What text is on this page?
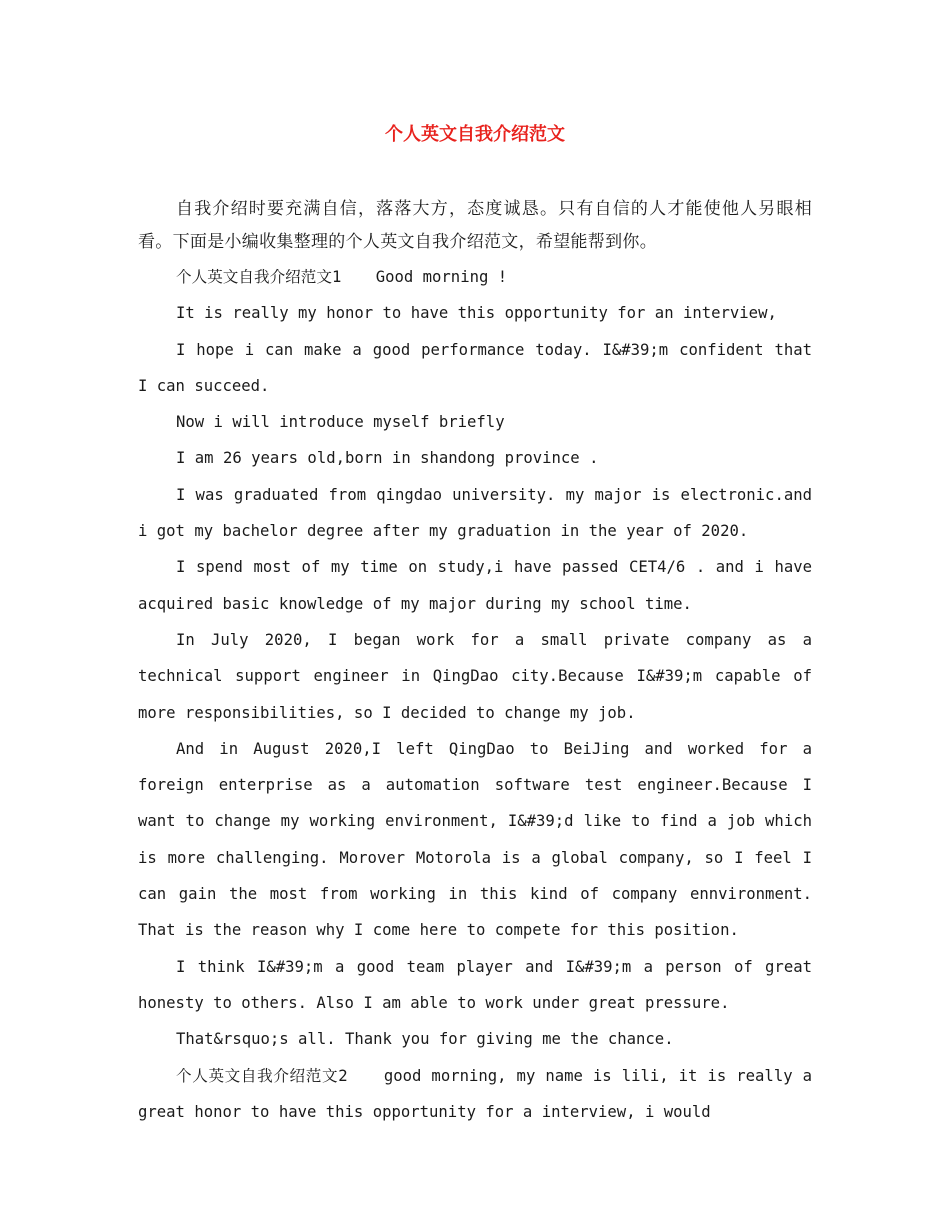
个人英文自我介绍范文

自我介绍时要充满自信，落落大方，态度诚恳。只有自信的人才能使他人另眼相看。下面是小编收集整理的个人英文自我介绍范文，希望能帮到你。

个人英文自我介绍范文1 　 Good morning !

It is really my honor to have this opportunity for an interview,

I hope i can make a good performance today. I&#39;m confident that I can succeed.

Now i will introduce myself briefly

I am 26 years old,born in shandong province .

I was graduated from qingdao university. my major is electronic.and i got my bachelor degree after my graduation in the year of 2020.

I spend most of my time on study,i have passed CET4/6 . and i have acquired basic knowledge of my major during my school time.

In July 2020, I began work for a small private company as a technical support engineer in QingDao city.Because I&#39;m capable of more responsibilities, so I decided to change my job.

And in August 2020,I left QingDao to BeiJing and worked for a foreign enterprise as a automation software test engineer.Because I want to change my working environment, I&#39;d like to find a job which is more challenging. Morover Motorola is a global company, so I feel I can gain the most from working in this kind of company ennvironment. That is the reason why I come here to compete for this position.

I think I&#39;m a good team player and I&#39;m a person of great honesty to others. Also I am able to work under great pressure.

That&rsquo;s all. Thank you for giving me the chance.

个人英文自我介绍范文2 　 good morning, my name is lili, it is really a great honor to have this opportunity for a interview, i would
